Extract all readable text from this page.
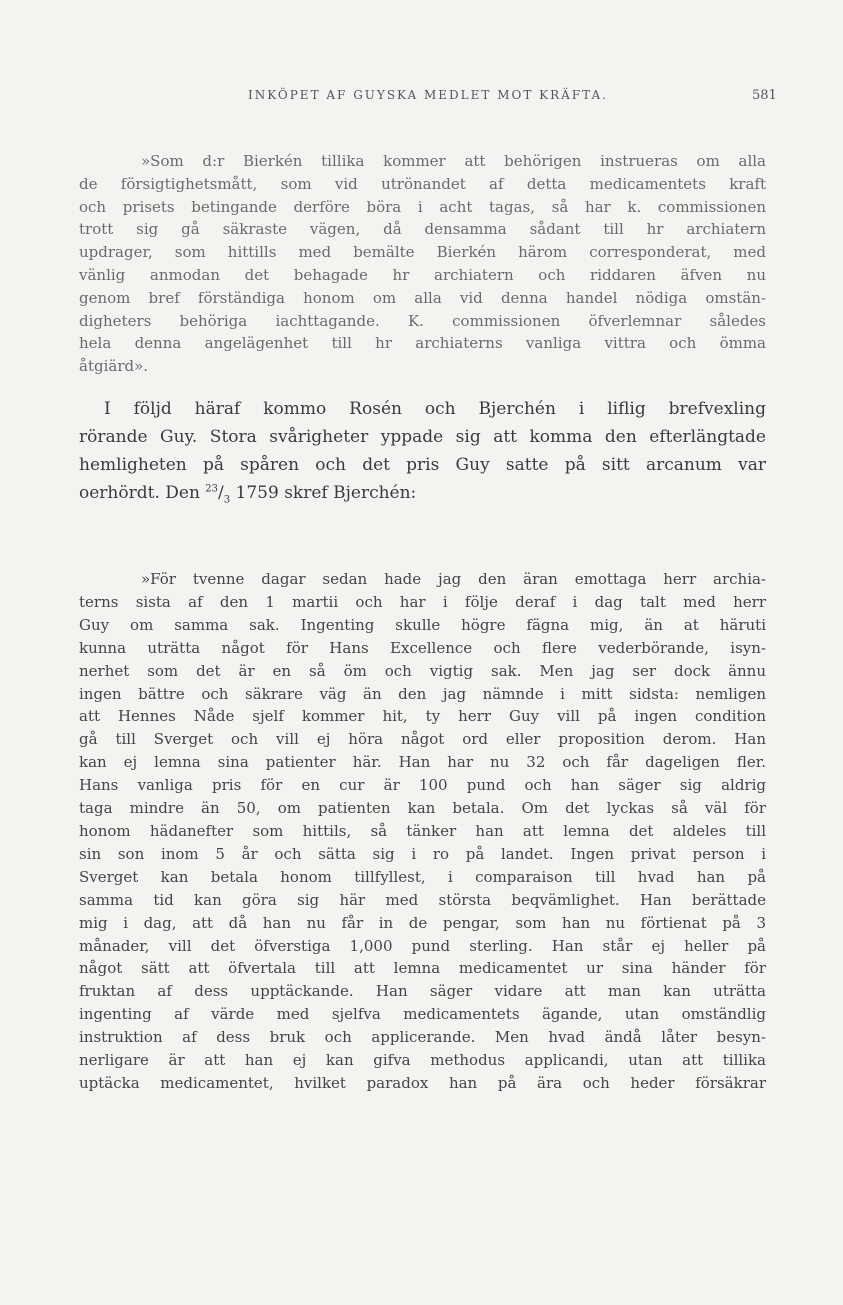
INKÖPET AF GUYSKA MEDLET MOT KRÄFTA.	581
»Som d:r Bierkén tillika kommer att behörigen instrueras om alla
de försigtighetsmått, som vid utrönandet af detta medicamentets kraft
och prisets betingande derföre böra i acht tagas, så har k. commissionen
trott sig gå säkraste vägen, då densamma sådant till hr archiatern
updrager, som hittills med bemälte Bierkén härom corresponderat, med
vänlig anmodan det behagade hr archiatern och riddaren äfven nu
genom bref förständiga honom om alla vid denna handel nödiga omstän-
digheters behöriga iachttagande. K. commissionen öfverlemnar således
hela denna angelägenhet till hr archiaterns vanliga vittra och ömma
åtgiärd».
I följd häraf kommo Rosén och Bjerchén i liflig brefvexling
rörande Guy. Stora svårigheter yppade sig att komma den efterlängtade
hemligheten på spåren och det pris Guy satte på sitt arcanum var
oerhördt. Den $^{23}/_3$ 1759 skref Bjerchén:
»För tvenne dagar sedan hade jag den äran emottaga herr archia-
terns sista af den 1 martii och har i följe deraf i dag talt med herr
Guy om samma sak. Ingenting skulle högre fägna mig, än at häruti
kunna uträtta något för Hans Excellence och flere vederbörande, isyn-
nerhet som det är en så öm och vigtig sak. Men jag ser dock ännu
ingen bättre och säkrare väg än den jag nämnde i mitt sidsta: nemligen
att Hennes Nåde sjelf kommer hit, ty herr Guy vill på ingen condition
gå till Sverget och vill ej höra något ord eller proposition derom. Han
kan ej lemna sina patienter här. Han har nu 32 och får dageligen fler.
Hans vanliga pris för en cur är 100 pund och han säger sig aldrig
taga mindre än 50, om patienten kan betala. Om det lyckas så väl för
honom hädanefter som hittils, så tänker han att lemna det aldeles till
sin son inom 5 år och sätta sig i ro på landet. Ingen privat person i
Sverget kan betala honom tillfyllest, i comparaison till hvad han på
samma tid kan göra sig här med största beqvämlighet. Han berättade
mig i dag, att då han nu får in de pengar, som han nu förtienat på 3
månader, vill det öfverstiga 1,000 pund sterling. Han står ej heller på
något sätt att öfvertala till att lemna medicamentet ur sina händer för
fruktan af dess upptäckande. Han säger vidare att man kan uträtta
ingenting af värde med sjelfva medicamentets ägande, utan omständlig
instruktion af dess bruk och applicerande. Men hvad ändå låter besyn-
nerligare är att han ej kan gifva methodus applicandi, utan att tillika
uptäcka medicamentet, hvilket paradox han på ära och heder försäkrar
